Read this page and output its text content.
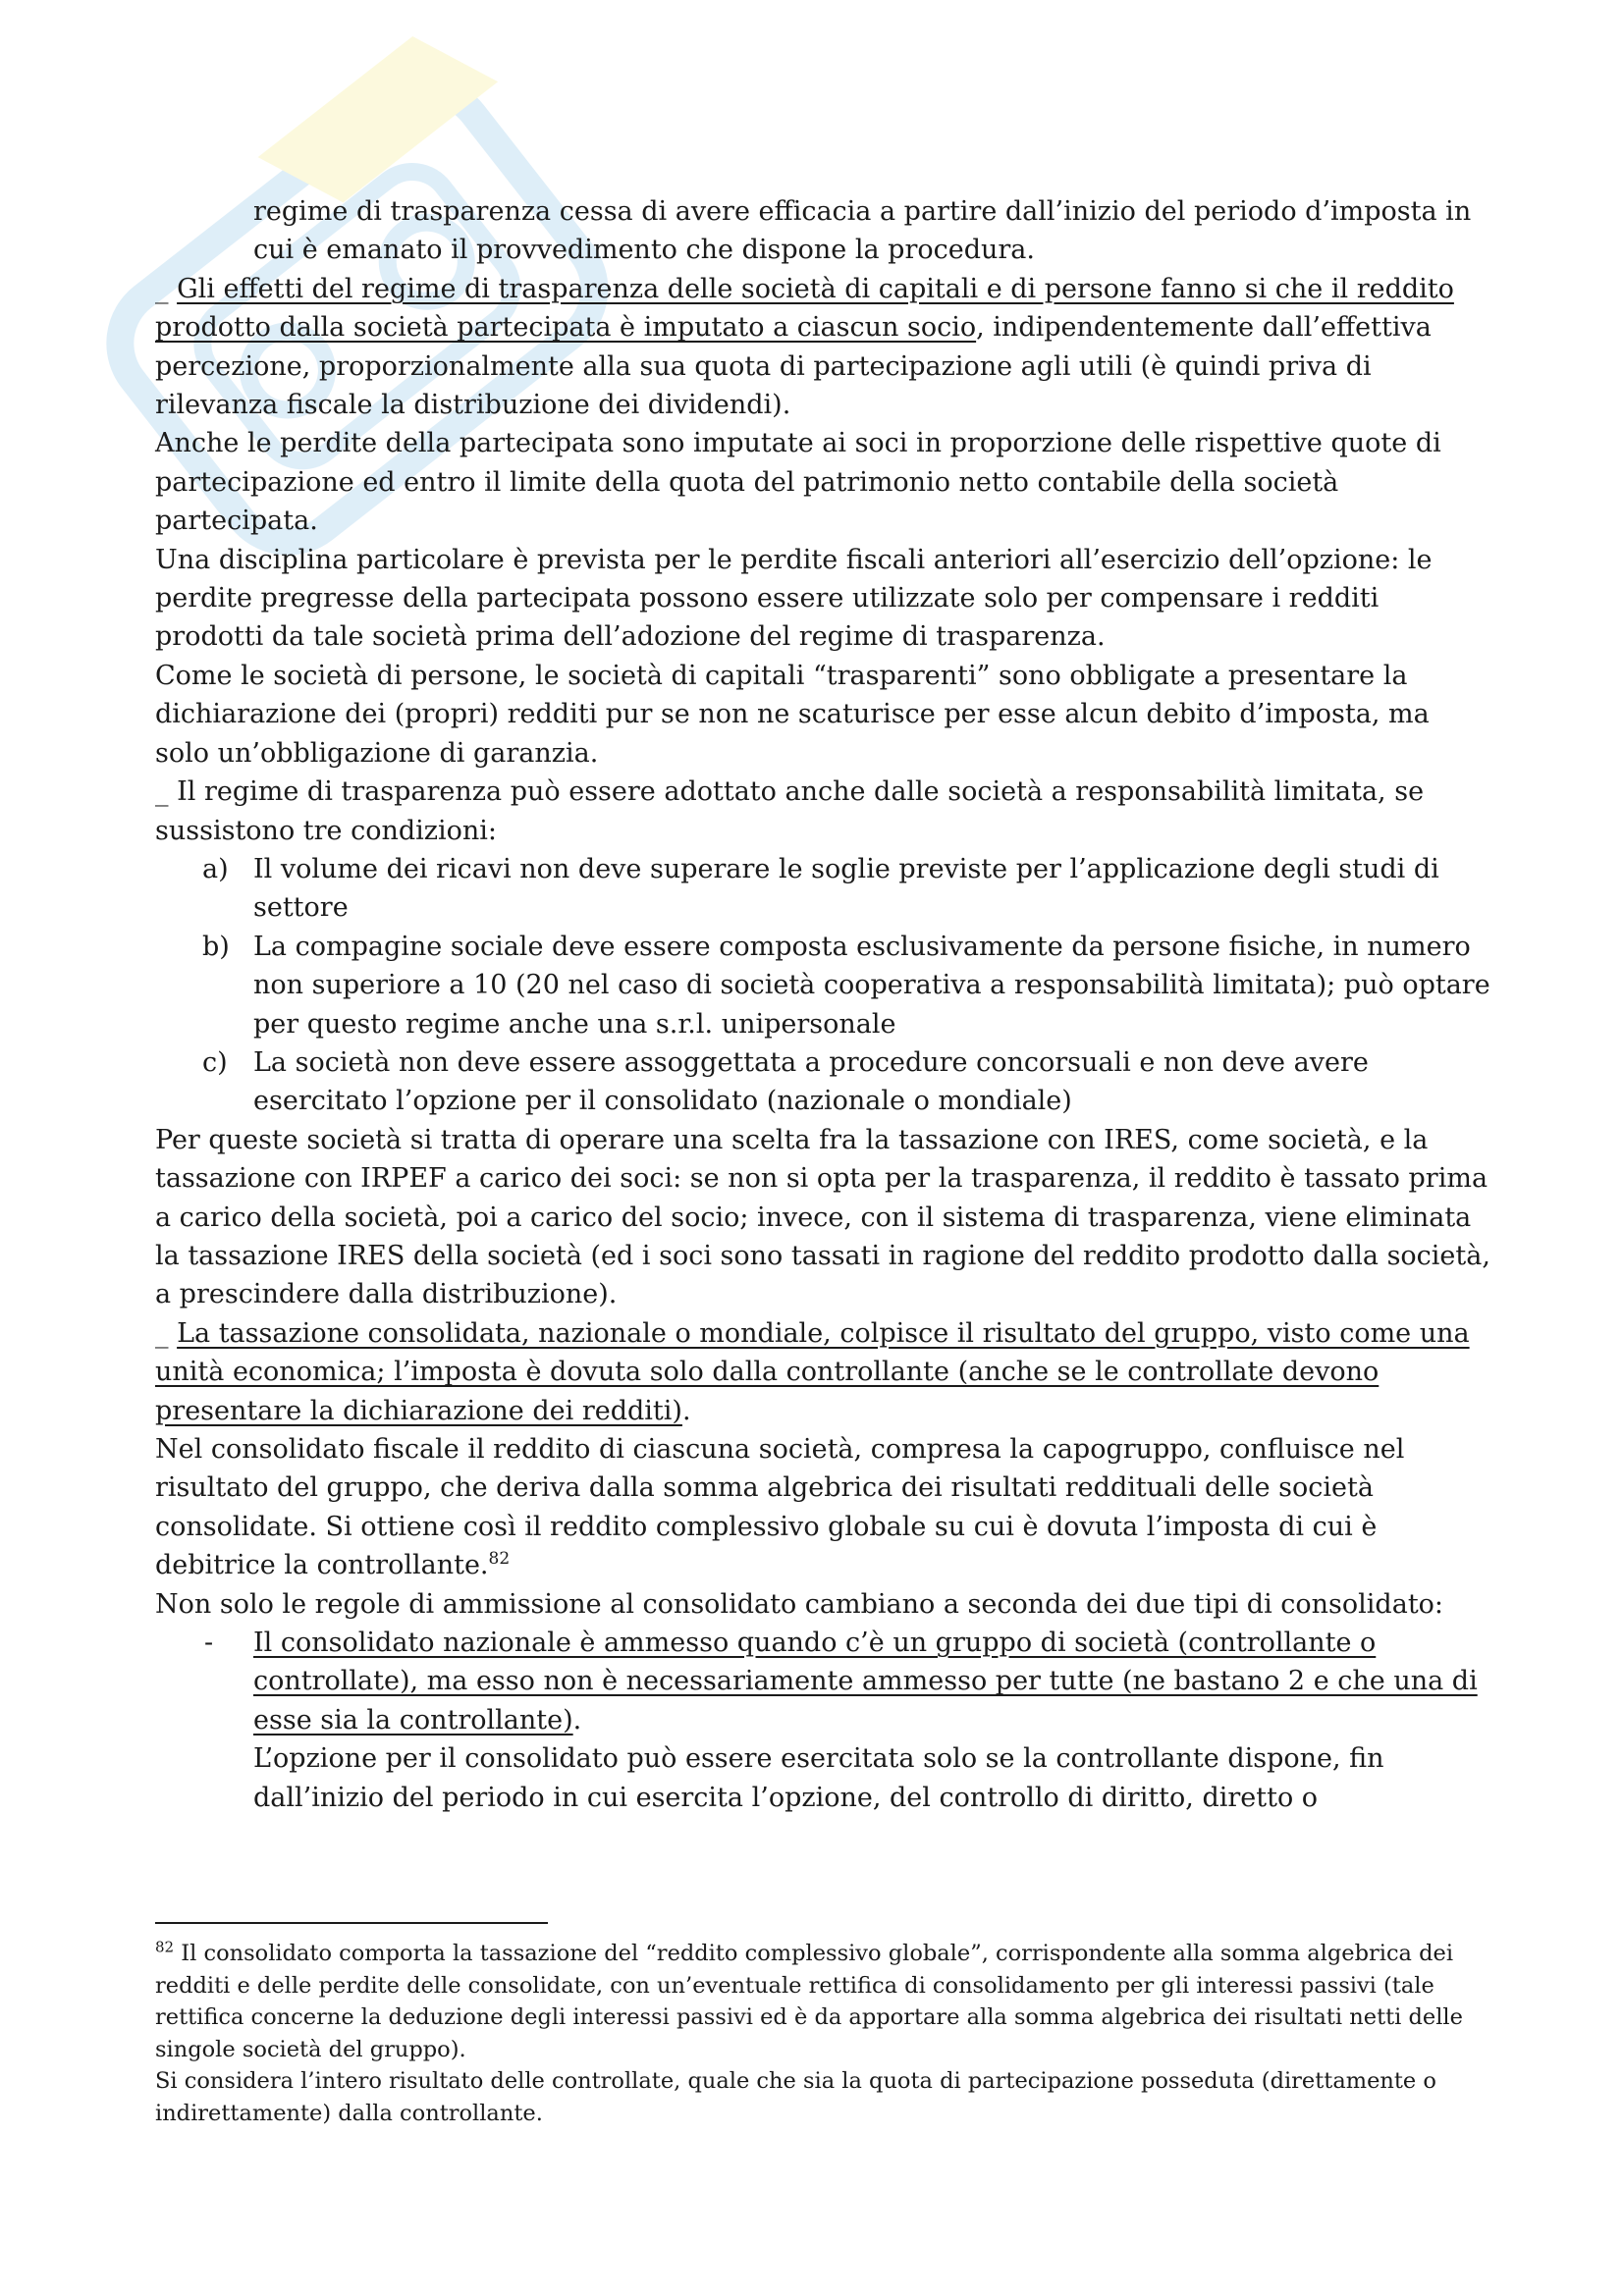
regime di trasparenza cessa di avere efficacia a partire dall’inizio del periodo d’imposta in cui è emanato il provvedimento che dispone la procedura.

_ Gli effetti del regime di trasparenza delle società di capitali e di persone fanno si che il reddito prodotto dalla società partecipata è imputato a ciascun socio, indipendentemente dall’effettiva percezione, proporzionalmente alla sua quota di partecipazione agli utili (è quindi priva di rilevanza fiscale la distribuzione dei dividendi).

Anche le perdite della partecipata sono imputate ai soci in proporzione delle rispettive quote di partecipazione ed entro il limite della quota del patrimonio netto contabile della società partecipata.

Una disciplina particolare è prevista per le perdite fiscali anteriori all’esercizio dell’opzione: le perdite pregresse della partecipata possono essere utilizzate solo per compensare i redditi prodotti da tale società prima dell’adozione del regime di trasparenza.

Come le società di persone, le società di capitali “trasparenti” sono obbligate a presentare la dichiarazione dei (propri) redditi pur se non ne scaturisce per esse alcun debito d’imposta, ma solo un’obbligazione di garanzia.

_ Il regime di trasparenza può essere adottato anche dalle società a responsabilità limitata, se sussistono tre condizioni:

a) Il volume dei ricavi non deve superare le soglie previste per l’applicazione degli studi di settore
b) La compagine sociale deve essere composta esclusivamente da persone fisiche, in numero non superiore a 10 (20 nel caso di società cooperativa a responsabilità limitata); può optare per questo regime anche una s.r.l. unipersonale
c) La società non deve essere assoggettata a procedure concorsuali e non deve avere esercitato l’opzione per il consolidato (nazionale o mondiale)

Per queste società si tratta di operare una scelta fra la tassazione con IRES, come società, e la tassazione con IRPEF a carico dei soci: se non si opta per la trasparenza, il reddito è tassato prima a carico della società, poi a carico del socio; invece, con il sistema di trasparenza, viene eliminata la tassazione IRES della società (ed i soci sono tassati in ragione del reddito prodotto dalla società, a prescindere dalla distribuzione).

_ La tassazione consolidata, nazionale o mondiale, colpisce il risultato del gruppo, visto come una unità economica; l’imposta è dovuta solo dalla controllante (anche se le controllate devono presentare la dichiarazione dei redditi).

Nel consolidato fiscale il reddito di ciascuna società, compresa la capogruppo, confluisce nel risultato del gruppo, che deriva dalla somma algebrica dei risultati reddituali delle società consolidate. Si ottiene così il reddito complessivo globale su cui è dovuta l’imposta di cui è debitrice la controllante.$^{82}$

Non solo le regole di ammissione al consolidato cambiano a seconda dei due tipi di consolidato:

- Il consolidato nazionale è ammesso quando c’è un gruppo di società (controllante o controllate), ma esso non è necessariamente ammesso per tutte (ne bastano 2 e che una di esse sia la controllante).
L’opzione per il consolidato può essere esercitata solo se la controllante dispone, fin dall’inizio del periodo in cui esercita l’opzione, del controllo di diritto, diretto o

$^{82}$ Il consolidato comporta la tassazione del “reddito complessivo globale”, corrispondente alla somma algebrica dei redditi e delle perdite delle consolidate, con un’eventuale rettifica di consolidamento per gli interessi passivi (tale rettifica concerne la deduzione degli interessi passivi ed è da apportare alla somma algebrica dei risultati netti delle singole società del gruppo).

Si considera l’intero risultato delle controllate, quale che sia la quota di partecipazione posseduta (direttamente o indirettamente) dalla controllante.
